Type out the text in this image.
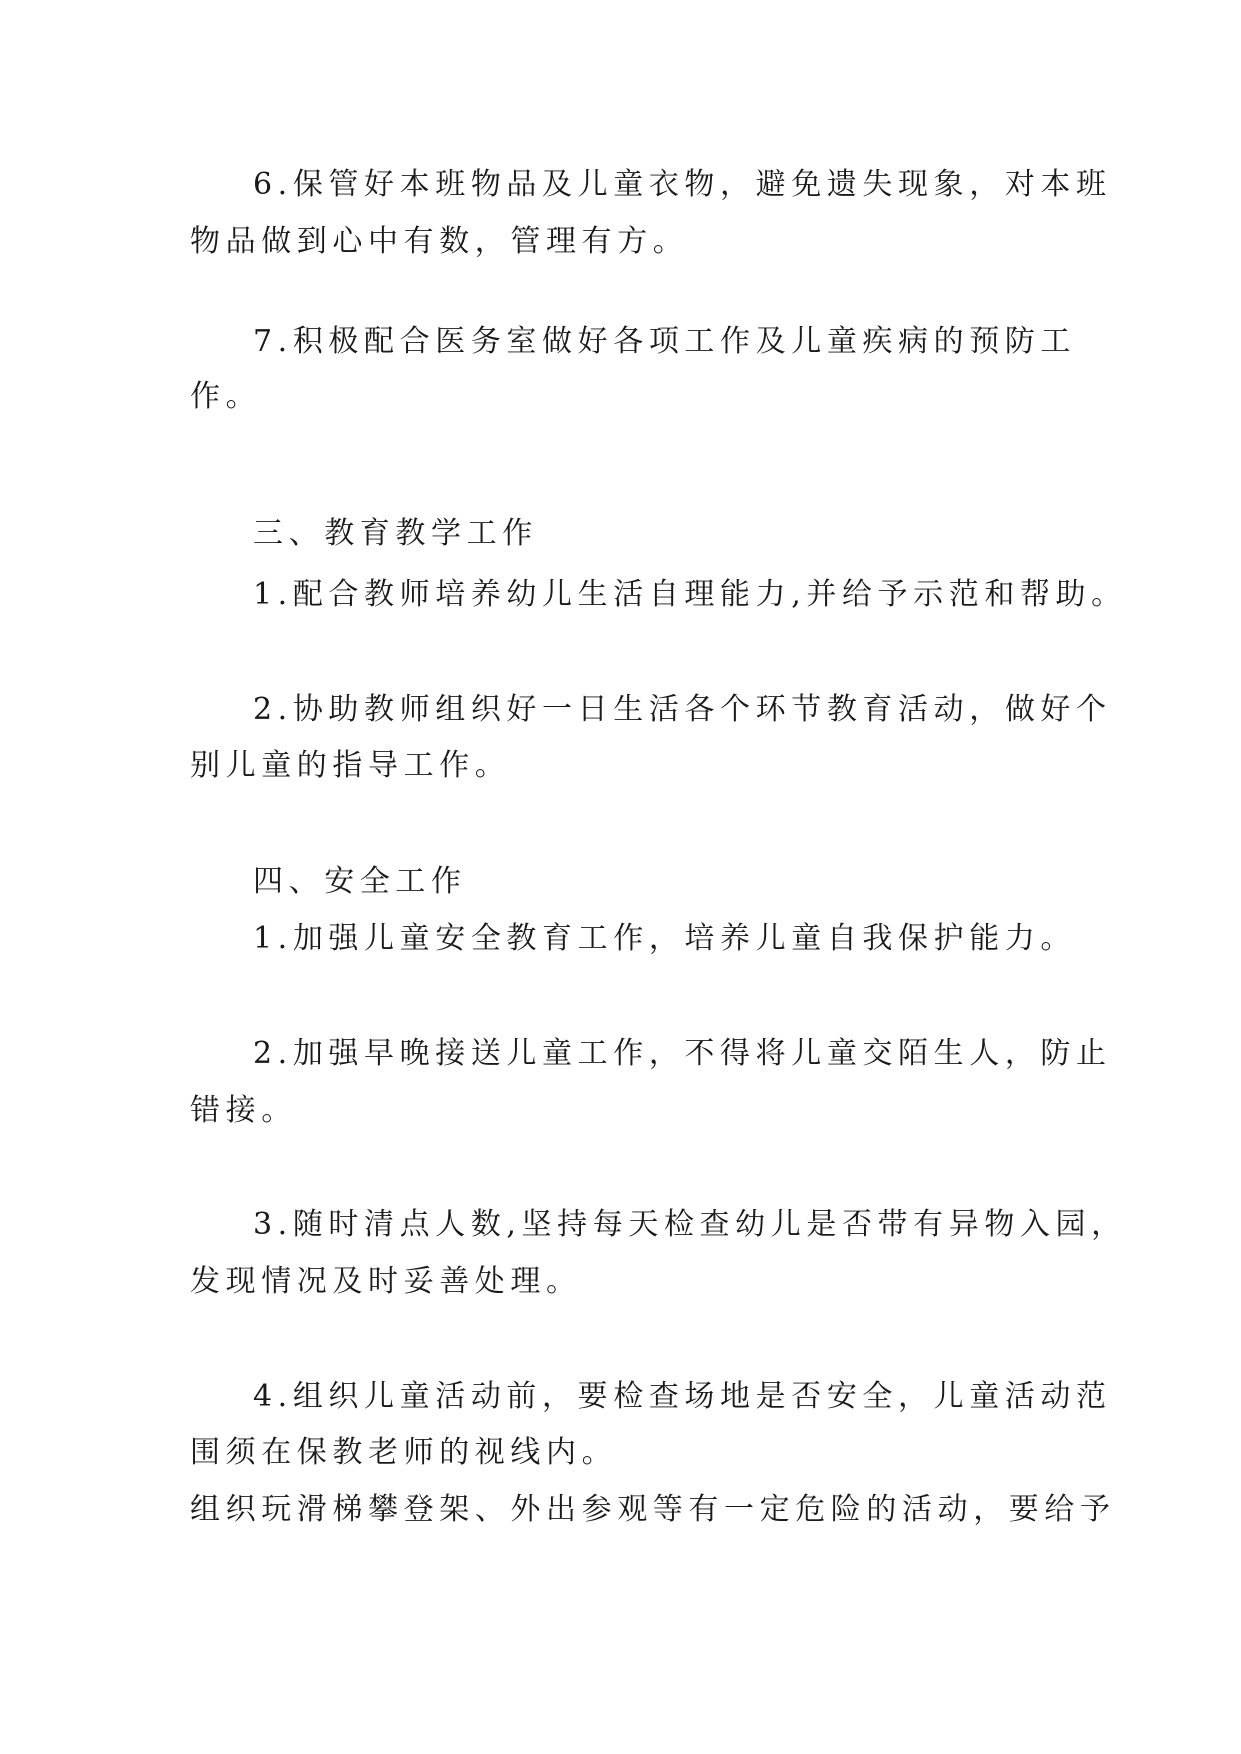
6.保管好本班物品及儿童衣物，避免遗失现象，对本班
物品做到心中有数，管理有方。
7.积极配合医务室做好各项工作及儿童疾病的预防工
作。
三、教育教学工作
1.配合教师培养幼儿生活自理能力,并给予示范和帮助。
2.协助教师组织好一日生活各个环节教育活动，做好个
别儿童的指导工作。
四、安全工作
1.加强儿童安全教育工作，培养儿童自我保护能力。
2.加强早晚接送儿童工作，不得将儿童交陌生人，防止
错接。
3.随时清点人数,坚持每天检查幼儿是否带有异物入园，
发现情况及时妥善处理。
4.组织儿童活动前，要检查场地是否安全，儿童活动范
围须在保教老师的视线内。
组织玩滑梯攀登架、外出参观等有一定危险的活动，要给予
